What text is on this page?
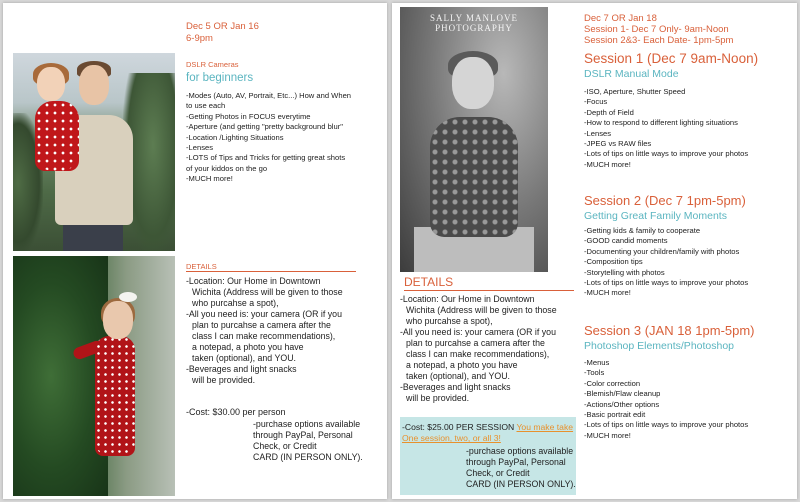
Dec 5 OR Jan 16
6-9pm
DSLR Cameras
for beginners
-Modes (Auto, AV, Portrait, Etc...) How and When
to use each
-Getting Photos in FOCUS everytime
-Aperture (and getting "pretty background blur"
-Location /Lighting Situations
-Lenses
-LOTS of Tips and Tricks for getting great shots
of your kiddos on the go
-MUCH more!
DETAILS
-Location: Our Home in Downtown
Wichita (Address will be given to those
who purcahse a spot),
-All you need is: your camera (OR if you
plan to purcahse a camera after the
class I can make recommendations),
a notepad, a photo you have
taken (optional), and YOU.
-Beverages and light snacks
will be provided.
-Cost: $30.00 per person
-purchase options available
through PayPal, Personal
Check, or Credit
CARD (IN PERSON ONLY).
SALLY MANLOVE
PHOTOGRAPHY
Dec 7 OR Jan 18
Session 1- Dec 7 Only- 9am-Noon
Session 2&3- Each Date- 1pm-5pm
Session 1 (Dec 7 9am-Noon)
DSLR Manual Mode
-ISO, Aperture, Shutter Speed
-Focus
-Depth of Field
-How to respond to different lighting situations
-Lenses
-JPEG vs RAW files
-Lots of tips on little ways to improve your photos
-MUCH more!
Session 2 (Dec 7 1pm-5pm)
Getting Great Family Moments
-Getting kids & family to cooperate
-GOOD candid moments
-Documenting your children/family with photos
-Composition tips
-Storytelling with photos
-Lots of tips on little ways to improve your photos
-MUCH more!
Session 3 (JAN 18 1pm-5pm)
Photoshop Elements/Photoshop
-Menus
-Tools
-Color correction
-Blemish/Flaw cleanup
-Actions/Other options
-Basic portrait edit
-Lots of tips on little ways to improve your photos
-MUCH more!
DETAILS
-Location: Our Home in Downtown
Wichita (Address will be given to those
who purcahse a spot),
-All you need is: your camera (OR if you
plan to purcahse a camera after the
class I can make recommendations),
a notepad, a photo you have
taken (optional), and YOU.
-Beverages and light snacks
will be provided.
-Cost: $25.00 PER SESSION You make take
One session, two, or all 3!
-purchase options available
through PayPal, Personal
Check, or Credit
CARD (IN PERSON ONLY).
